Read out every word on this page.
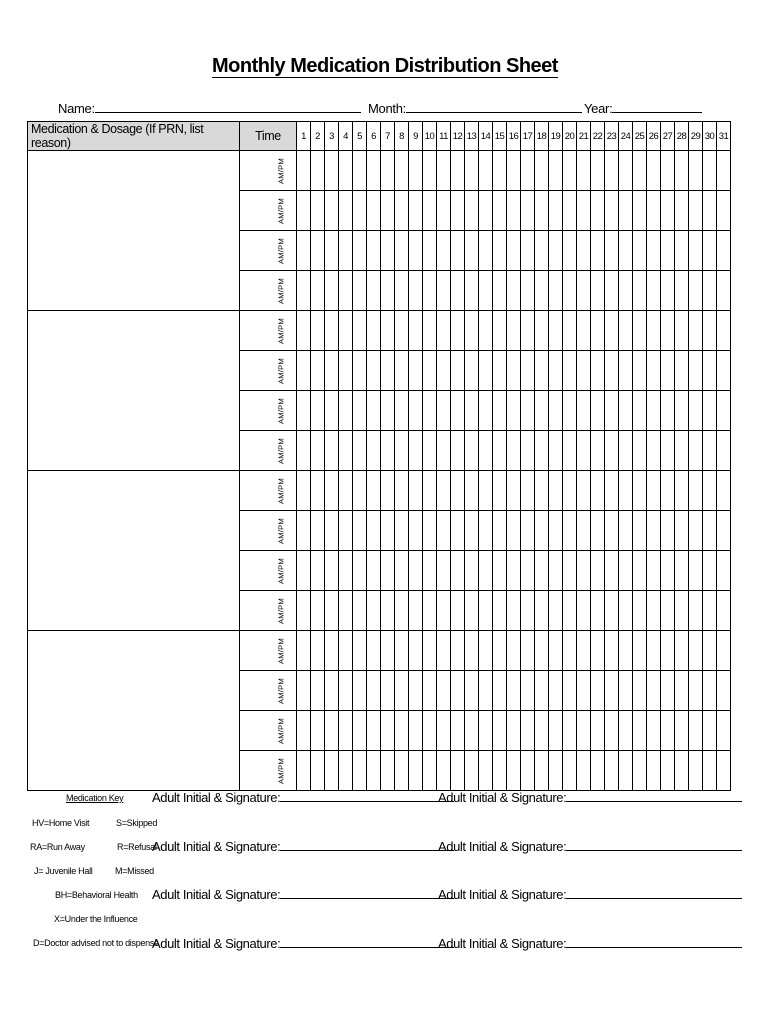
Monthly Medication Distribution Sheet
Name:	Month:	Year:
Medication & Dosage (If PRN, list reason)	Time	1	2	3	4	5	6	7	8	9	10	11	12	13	14	15	16	17	18	19	20	21	22	23	24	25	26	27	28	29	30	31

	AM/PM																															

	AM/PM																															

	AM/PM																															

	AM/PM																															

	AM/PM																															

	AM/PM																															

	AM/PM																															

	AM/PM																															

	AM/PM																															

	AM/PM																															

	AM/PM																															

	AM/PM																															

	AM/PM																															

	AM/PM																															

	AM/PM																															

	AM/PM																															

Medication Key
HV=Home Visit	S=Skipped
RA=Run Away	R=Refusal
J= Juvenile Hall	M=Missed
BH=Behavioral Health
X=Under the Influence
D=Doctor advised not to dispense
Adult Initial & Signature:	Adult Initial & Signature:
Adult Initial & Signature:	Adult Initial & Signature:
Adult Initial & Signature:	Adult Initial & Signature:
Adult Initial & Signature:	Adult Initial & Signature:
